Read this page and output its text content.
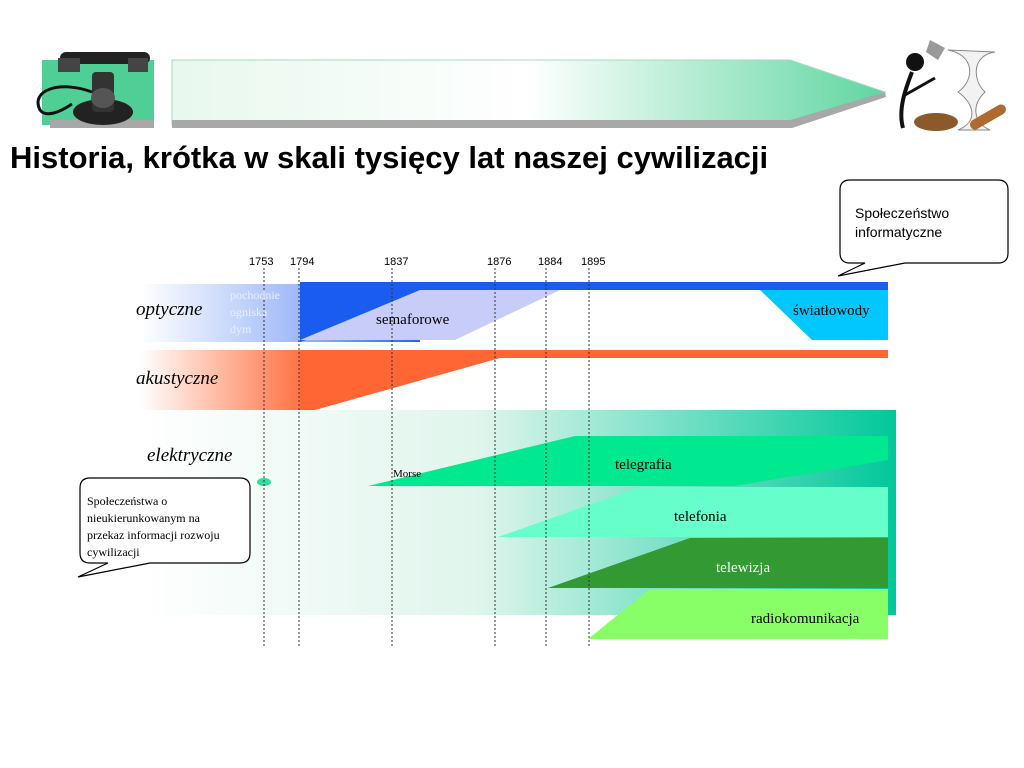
Historia, krótka w skali tysięcy lat naszej cywilizacji
1753 1794	1837	1876 1884 1895
optyczne
akustyczne
elektryczne
pochodnie
ogniska
dym
semaforowe
światłowody
Morse
telegrafia
telefonia
telewizja
radiokomunikacja
Społeczeństwo
informatyczne
Społeczeństwa o
nieukierunkowanym na
przekaz informacji rozwoju
cywilizacji
